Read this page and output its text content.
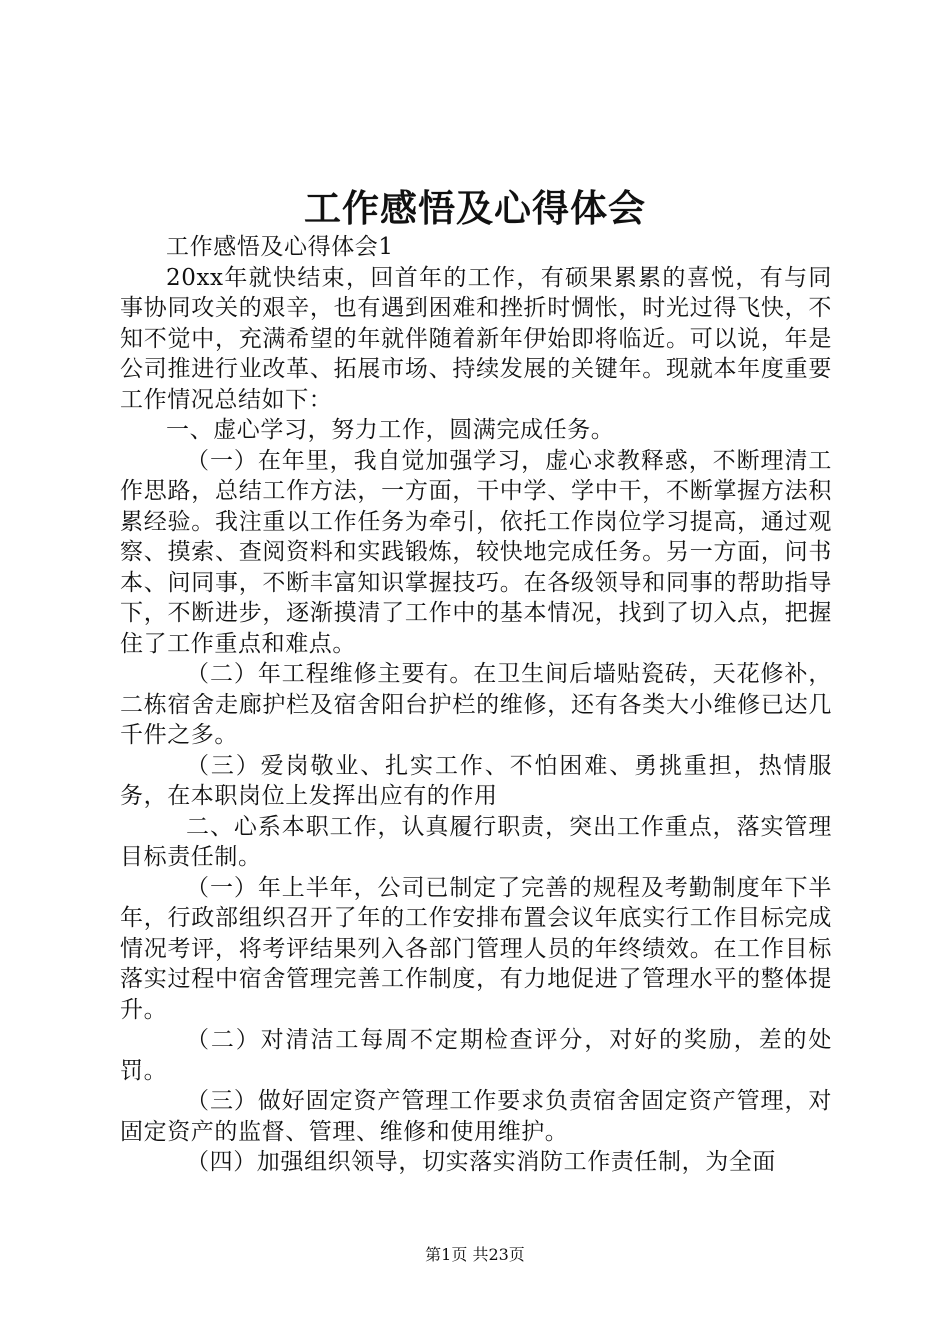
工作感悟及心得体会

工作感悟及心得体会1

20xx年就快结束，回首年的工作，有硕果累累的喜悦，有与同事协同攻关的艰辛，也有遇到困难和挫折时惆怅，时光过得飞快，不知不觉中，充满希望的年就伴随着新年伊始即将临近。可以说，年是公司推进行业改革、拓展市场、持续发展的关键年。现就本年度重要工作情况总结如下：

一、虚心学习，努力工作，圆满完成任务。

（一）在年里，我自觉加强学习，虚心求教释惑，不断理清工作思路，总结工作方法，一方面，干中学、学中干，不断掌握方法积累经验。我注重以工作任务为牵引，依托工作岗位学习提高，通过观察、摸索、查阅资料和实践锻炼，较快地完成任务。另一方面，问书本、问同事，不断丰富知识掌握技巧。在各级领导和同事的帮助指导下，不断进步，逐渐摸清了工作中的基本情况，找到了切入点，把握住了工作重点和难点。

（二）年工程维修主要有。在卫生间后墙贴瓷砖，天花修补，二栋宿舍走廊护栏及宿舍阳台护栏的维修，还有各类大小维修已达几千件之多。

（三）爱岗敬业、扎实工作、不怕困难、勇挑重担，热情服务，在本职岗位上发挥出应有的作用

二、心系本职工作，认真履行职责，突出工作重点，落实管理目标责任制。

（一）年上半年，公司已制定了完善的规程及考勤制度年下半年，行政部组织召开了年的工作安排布置会议年底实行工作目标完成情况考评，将考评结果列入各部门管理人员的年终绩效。在工作目标落实过程中宿舍管理完善工作制度，有力地促进了管理水平的整体提升。

（二）对清洁工每周不定期检查评分，对好的奖励，差的处罚。

（三）做好固定资产管理工作要求负责宿舍固定资产管理，对固定资产的监督、管理、维修和使用维护。

（四）加强组织领导，切实落实消防工作责任制，为全面

第1页 共23页
